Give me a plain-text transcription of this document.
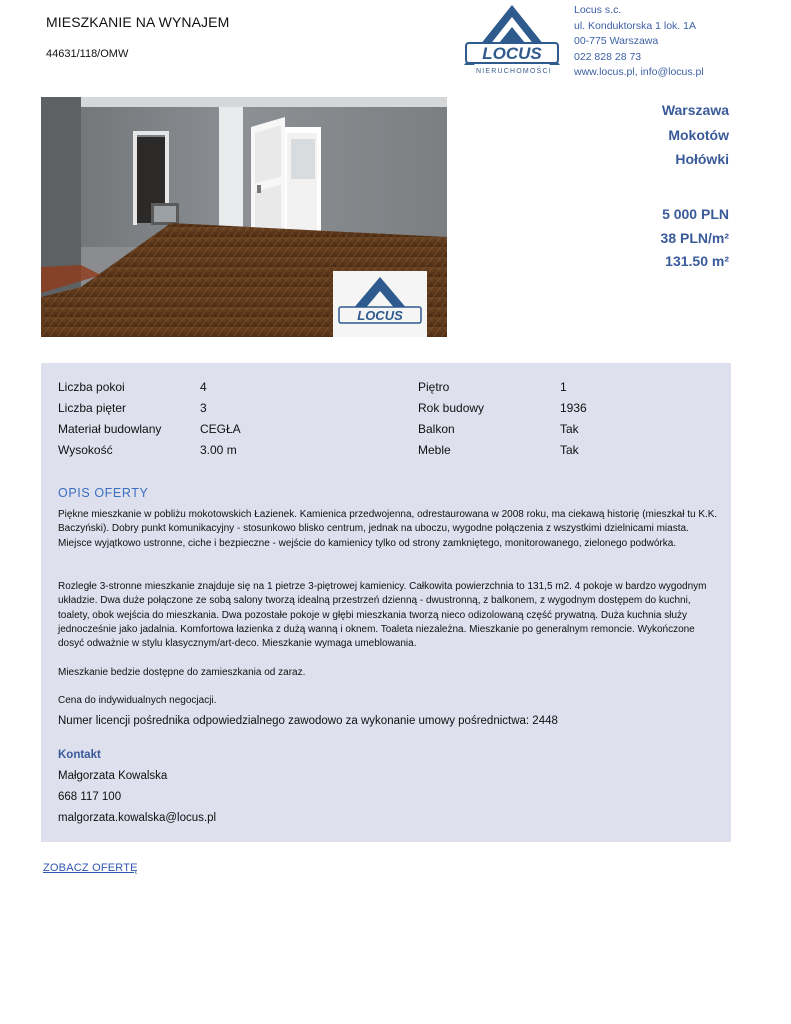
MIESZKANIE NA WYNAJEM
44631/118/OMW	LOCUS
NIERUCHOMOŚCI
Locus s.c.
ul. Konduktorska 1 lok. 1A
00-775 Warszawa
022 828 28 73
www.locus.pl, info@locus.pl
LOCUS
Warszawa
Mokotów
Hołówki
5 000 PLN
38 PLN/m²
131.50 m²
Liczba pokoi	4
Liczba pięter	3
Materiał budowlany	CEGŁA
Wysokość	3.00 m
Piętro	1
Rok budowy	1936
Balkon	Tak
Meble	Tak
OPIS OFERTY
Piękne mieszkanie w pobliżu mokotowskich Łazienek. Kamienica przedwojenna, odrestaurowana w 2008 roku, ma ciekawą historię (mieszkał tu K.K. Baczyński). Dobry punkt komunikacyjny - stosunkowo blisko centrum, jednak na uboczu, wygodne połączenia z wszystkimi dzielnicami miasta. Miejsce wyjątkowo ustronne, ciche i bezpieczne - wejście do kamienicy tylko od strony zamkniętego, monitorowanego, zielonego podwórka.
Rozległe 3-stronne mieszkanie znajduje się na 1 pietrze 3-piętrowej kamienicy. Całkowita powierzchnia to 131,5 m2. 4 pokoje w bardzo wygodnym układzie. Dwa duże połączone ze sobą salony tworzą idealną przestrzeń dzienną - dwustronną, z balkonem, z wygodnym dostępem do kuchni, toalety, obok wejścia do mieszkania. Dwa pozostałe pokoje w głębi mieszkania tworzą nieco odizolowaną część prywatną. Duża kuchnia służy jednocześnie jako jadalnia. Komfortowa łazienka z dużą wanną i oknem. Toaleta niezależna. Mieszkanie po generalnym remoncie. Wykończone dosyć odważnie w stylu klasycznym/art-deco. Mieszkanie wymaga umeblowania.
Mieszkanie bedzie dostępne do zamieszkania od zaraz.
Cena do indywidualnych negocjacji.
Numer licencji pośrednika odpowiedzialnego zawodowo za wykonanie umowy pośrednictwa: 2448
Kontakt
Małgorzata Kowalska
668 117 100
malgorzata.kowalska@locus.pl
ZOBACZ OFERTĘ
